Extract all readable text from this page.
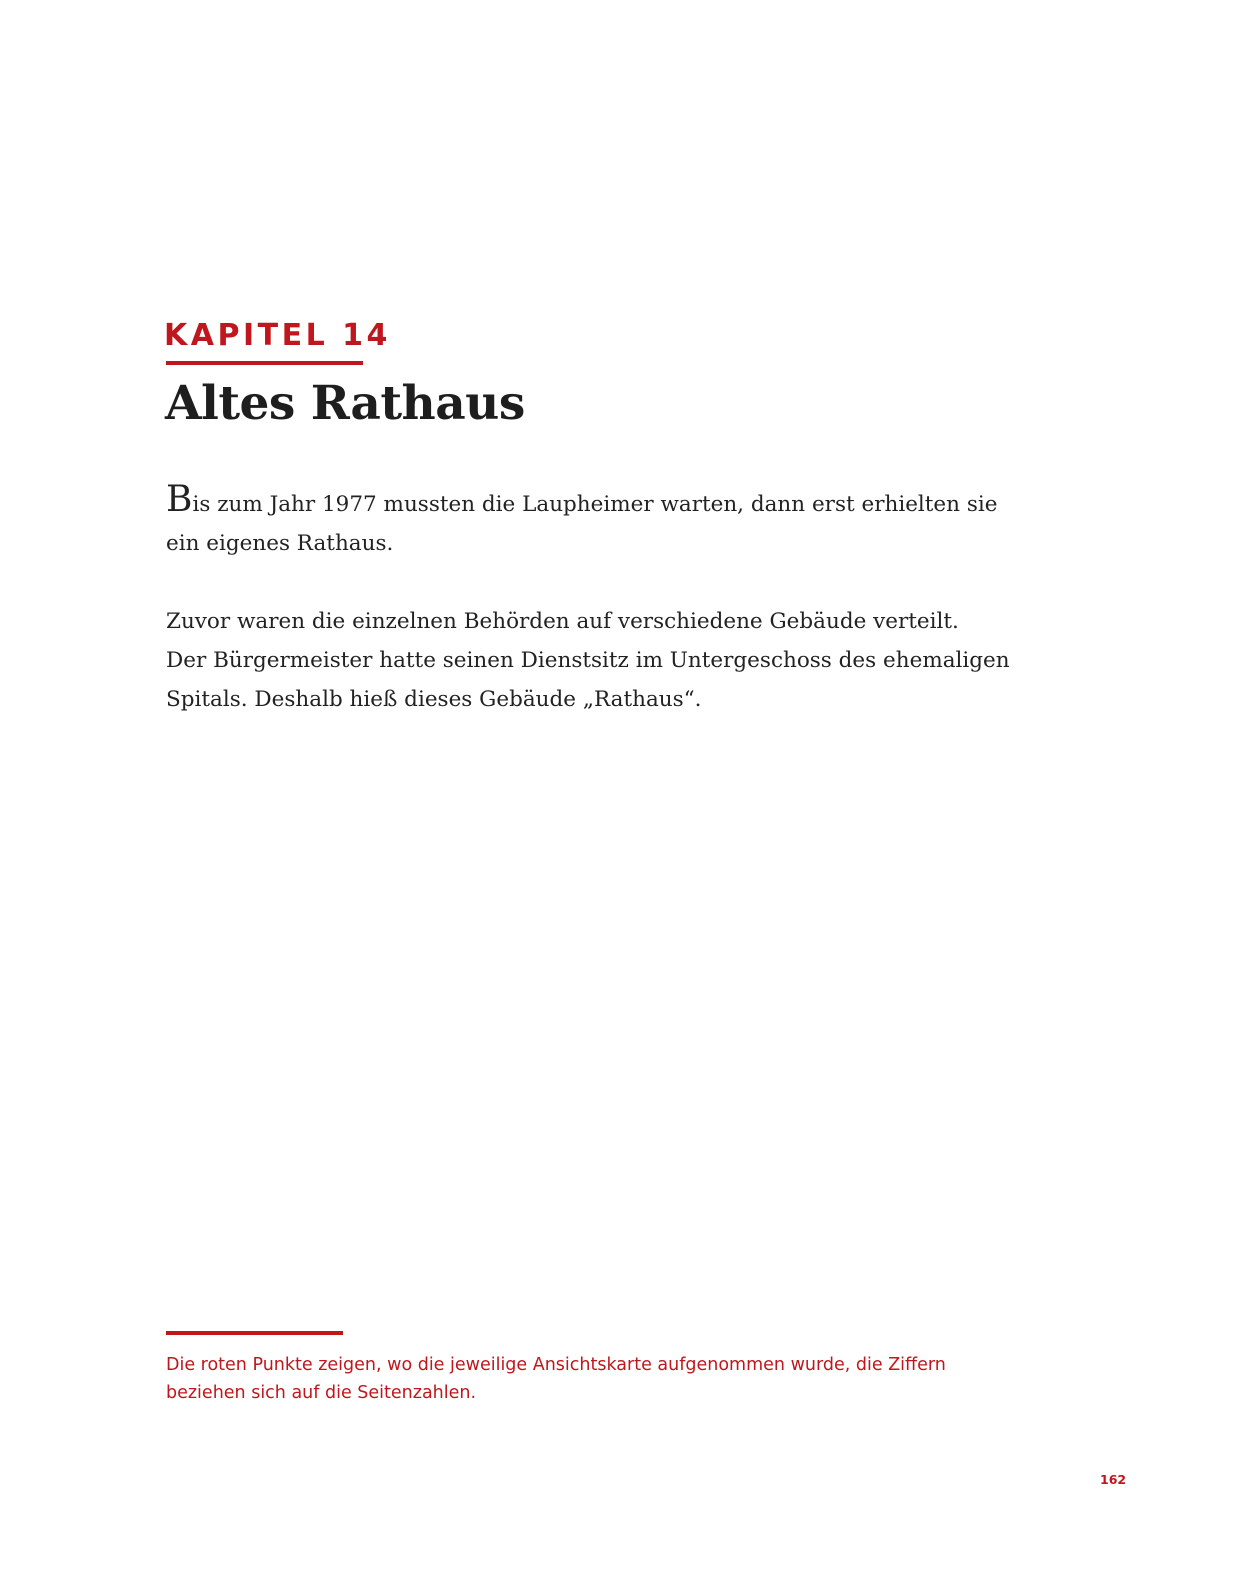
KAPITEL 14
Altes Rathaus
Bis zum Jahr 1977 mussten die Laupheimer warten, dann erst erhielten sie
ein eigenes Rathaus.
Zuvor waren die einzelnen Behörden auf verschiedene Gebäude verteilt.
Der Bürgermeister hatte seinen Dienstsitz im Untergeschoss des ehemaligen
Spitals. Deshalb hieß dieses Gebäude „Rathaus“.
Die roten Punkte zeigen, wo die jeweilige Ansichtskarte aufgenommen wurde, die Ziffern
beziehen sich auf die Seitenzahlen.
162
